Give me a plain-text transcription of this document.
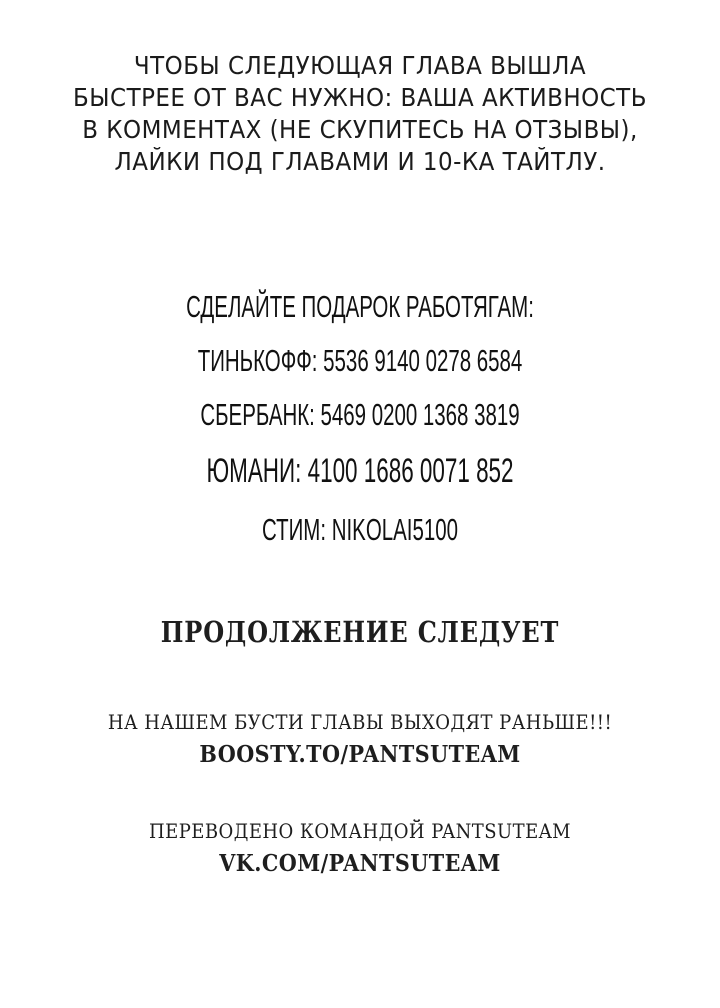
ЧТОБЫ СЛЕДУЮЩАЯ ГЛАВА ВЫШЛА
БЫСТРЕЕ ОТ ВАС НУЖНО: ВАША АКТИВНОСТЬ
В КОММЕНТАХ (НЕ СКУПИТЕСЬ НА ОТЗЫВЫ),
ЛАЙКИ ПОД ГЛАВАМИ И 10-КА ТАЙТЛУ.
СДЕЛАЙТЕ ПОДАРОК РАБОТЯГАМ:
ТИНЬКОФФ: 5536 9140 0278 6584
СБЕРБАНК: 5469 0200 1368 3819
ЮМАНИ: 4100 1686 0071 852
СТИМ: NIKOLAI5100
ПРОДОЛЖЕНИЕ СЛЕДУЕТ
НА НАШЕМ БУСТИ ГЛАВЫ ВЫХОДЯТ РАНЬШЕ!!!
BOOSTY.TO/PANTSUTEAM
ПЕРЕВОДЕНО КОМАНДОЙ PANTSUTEAM
VK.COM/PANTSUTEAM
